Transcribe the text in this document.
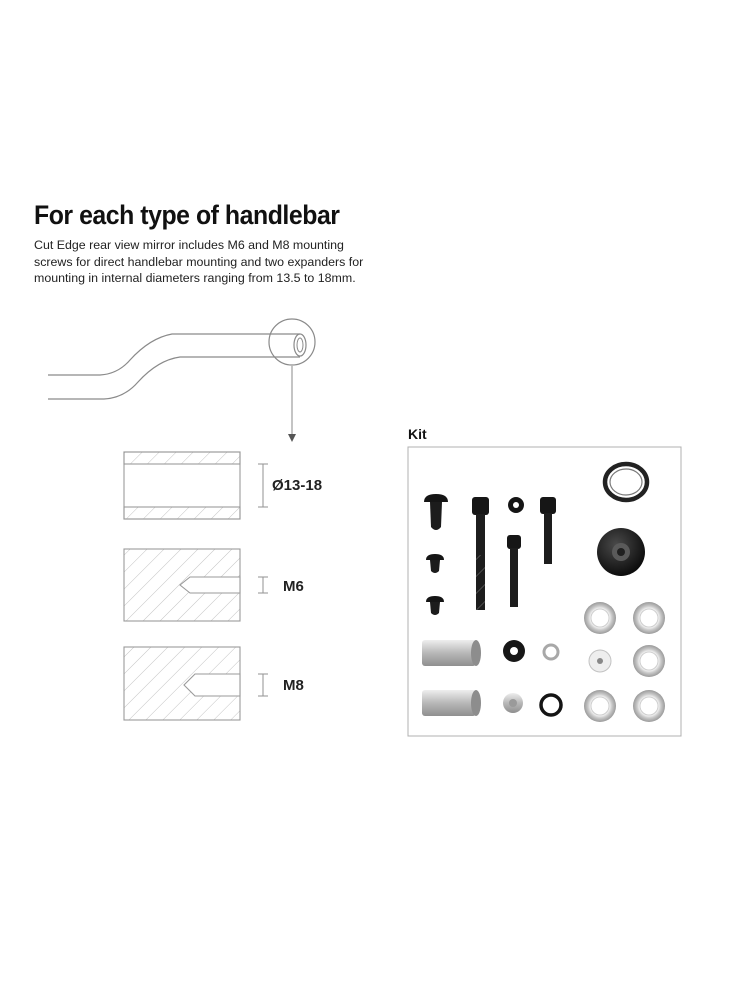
For each type of handlebar

Cut Edge rear view mirror includes M6 and M8 mounting screws for direct handlebar mounting and two expanders for mounting in internal diameters ranging from 13.5 to 18mm.

Ø13-18
M6
M8
Kit
